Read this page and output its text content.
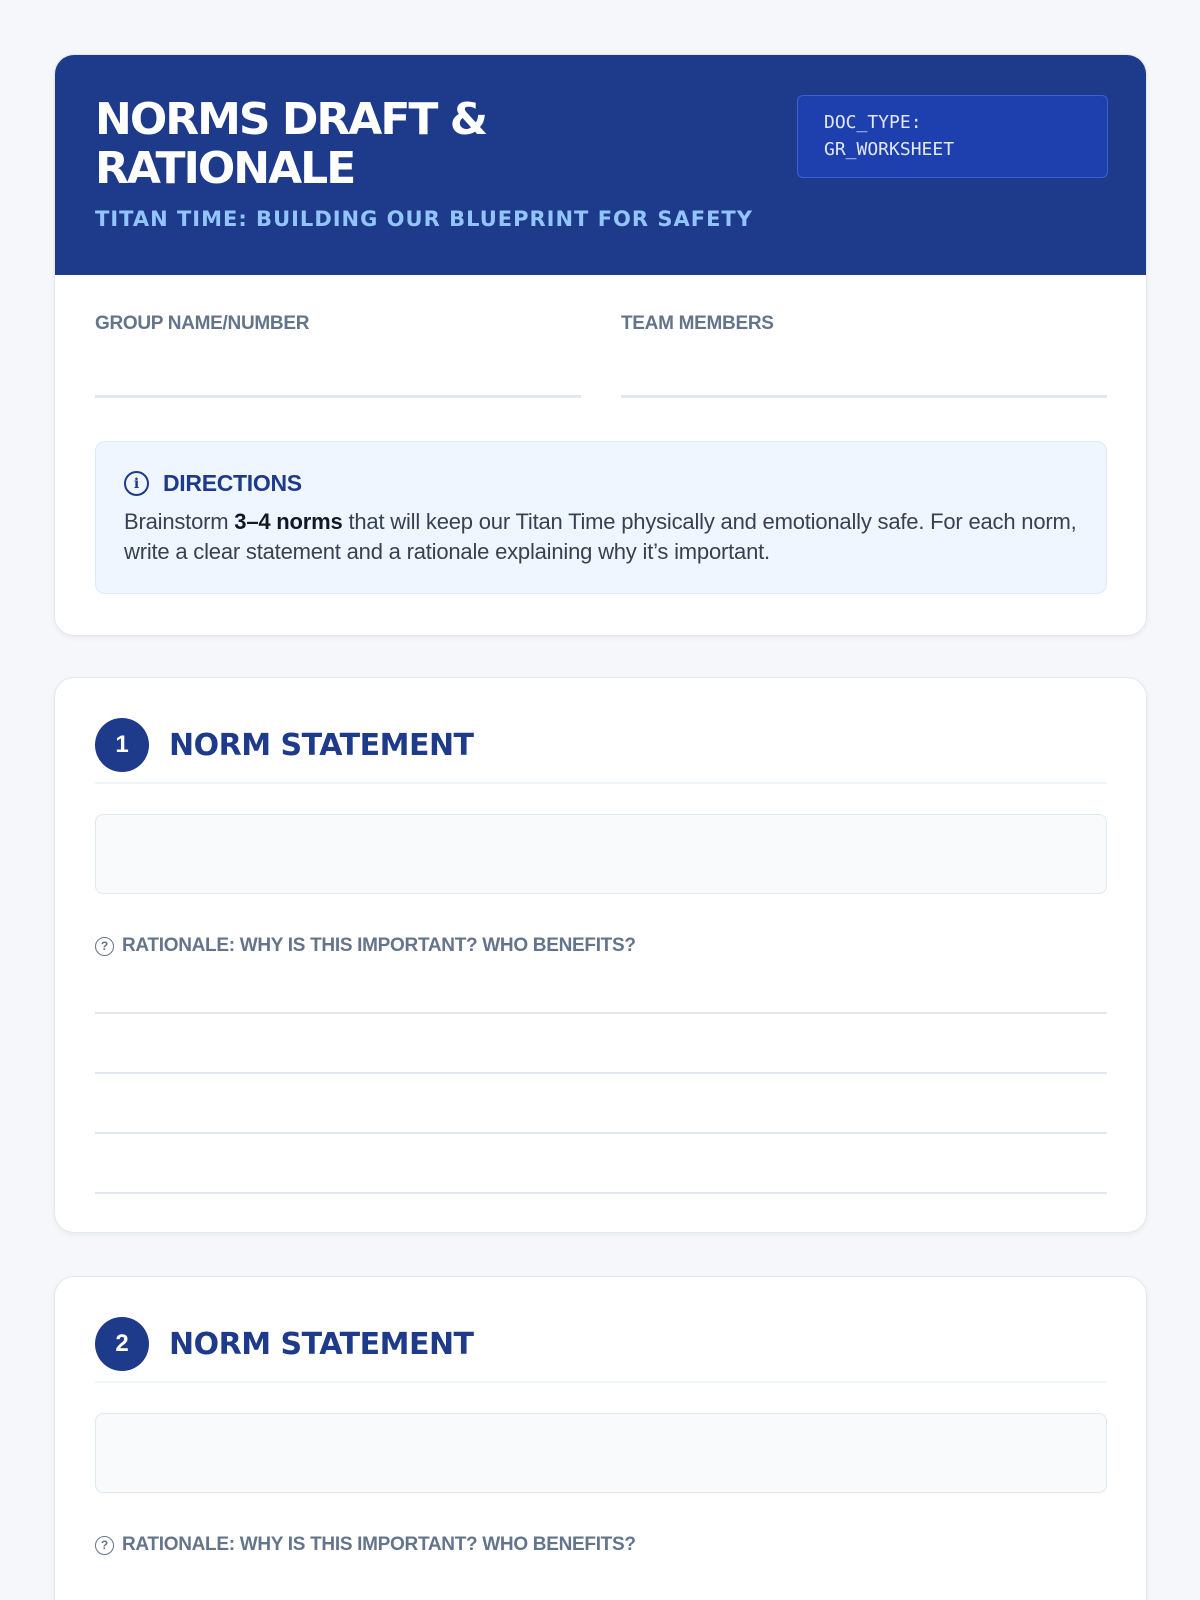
NORMS DRAFT & RATIONALE
TITAN TIME: BUILDING OUR BLUEPRINT FOR SAFETY
DOC_TYPE:
GR_WORKSHEET
GROUP NAME/NUMBER	TEAM MEMBERS
i	DIRECTIONS

Brainstorm 3–4 norms that will keep our Titan Time physically and emotionally safe. For each norm, write a clear statement and a rationale explaining why it’s important.

1	NORM STATEMENT
? RATIONALE: WHY IS THIS IMPORTANT? WHO BENEFITS?
2	NORM STATEMENT
? RATIONALE: WHY IS THIS IMPORTANT? WHO BENEFITS?
